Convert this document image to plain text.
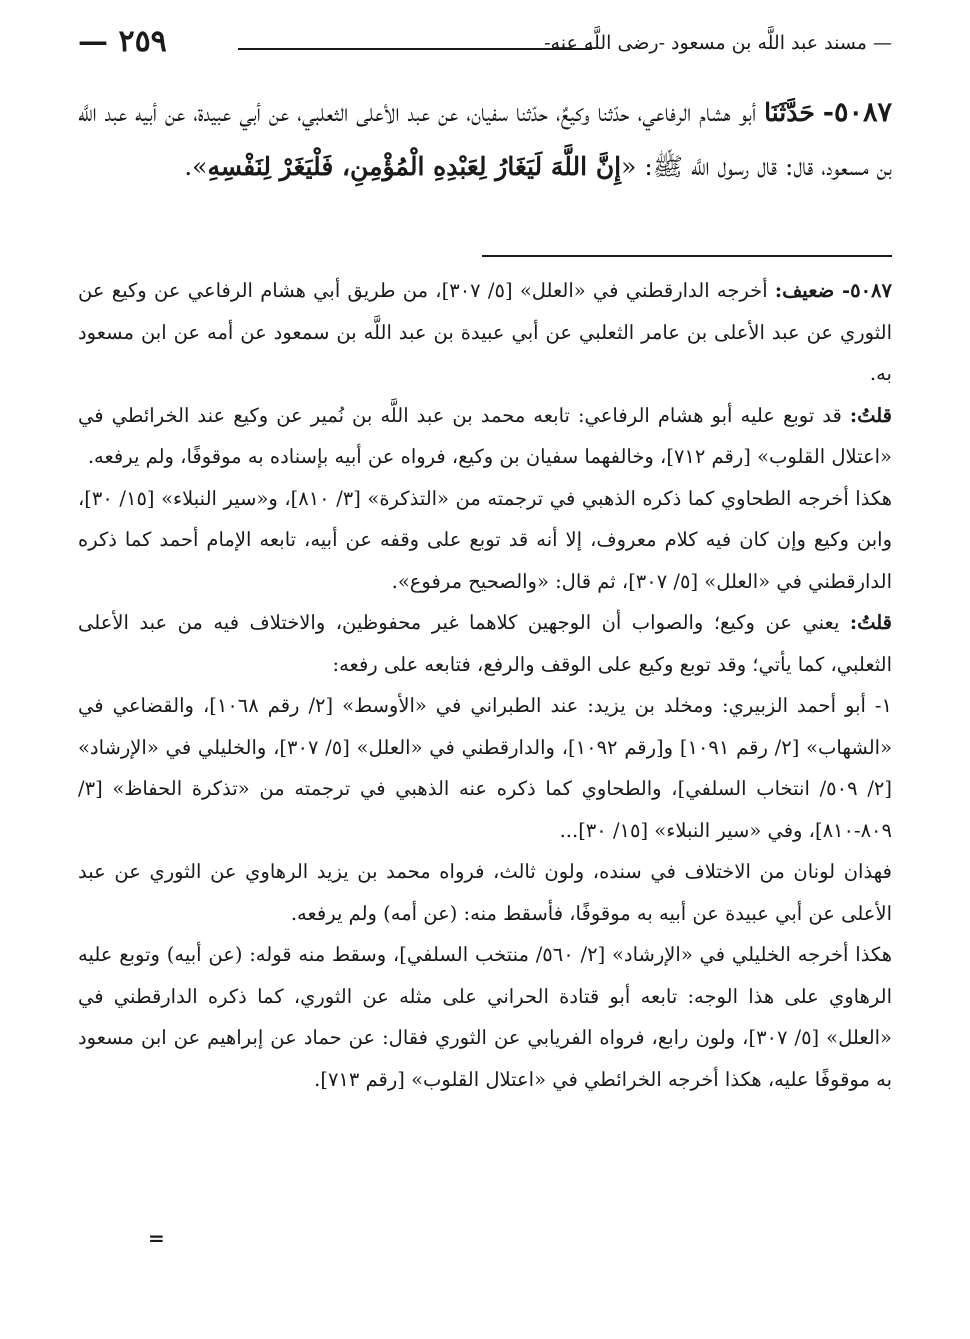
— ٢٥٩	— مسند عبد اللَّه بن مسعود -رضى اللَّه عنه-
٥٠٨٧- حَدَّثَنَا أبو هشام الرفاعي، حدّثنا وكيعٌ، حدّثنا سفيان، عن عبد الأعلى الثعلبي، عن أبي عبيدة، عن أبيه عبد اللَّه بن مسعود، قال: قال رسول اللَّه ﷺ: «إِنَّ اللَّهَ لَيَغَارُ لِعَبْدِهِ الْمُؤْمِنِ، فَلْيَغَرْ لِنَفْسِهِ».

٥٠٨٧- ضعيف: أخرجه الدارقطني في «العلل» [٥/ ٣٠٧]، من طريق أبي هشام الرفاعي عن وكيع عن الثوري عن عبد الأعلى بن عامر الثعلبي عن أبي عبيدة بن عبد اللَّه بن سمعود عن أمه عن ابن مسعود به.

قلتُ: قد توبع عليه أبو هشام الرفاعي: تابعه محمد بن عبد اللَّه بن نُمير عن وكيع عند الخرائطي في «اعتلال القلوب» [رقم ٧١٢]، وخالفهما سفيان بن وكيع، فرواه عن أبيه بإسناده به موقوفًا، ولم يرفعه.

هكذا أخرجه الطحاوي كما ذكره الذهبي في ترجمته من «التذكرة» [٣/ ٨١٠]، و«سير النبلاء» [١٥/ ٣٠]، وابن وكيع وإن كان فيه كلام معروف، إلا أنه قد توبع على وقفه عن أبيه، تابعه الإمام أحمد كما ذكره الدارقطني في «العلل» [٥/ ٣٠٧]، ثم قال: «والصحيح مرفوع».

قلتُ: يعني عن وكيع؛ والصواب أن الوجهين كلاهما غير محفوظين، والاختلاف فيه من عبد الأعلى الثعلبي، كما يأتي؛ وقد توبع وكيع على الوقف والرفع، فتابعه على رفعه:

١- أبو أحمد الزبيري: ومخلد بن يزيد: عند الطبراني في «الأوسط» [٢/ رقم ١٠٦٨]، والقضاعي في «الشهاب» [٢/ رقم ١٠٩١] و[رقم ١٠٩٢]، والدارقطني في «العلل» [٥/ ٣٠٧]، والخليلي في «الإرشاد» [٢/ ٥٠٩/ انتخاب السلفي]، والطحاوي كما ذكره عنه الذهبي في ترجمته من «تذكرة الحفاظ» [٣/ ٨٠٩-٨١٠]، وفي «سير النبلاء» [١٥/ ٣٠]...

فهذان لونان من الاختلاف في سنده، ولون ثالث، فرواه محمد بن يزيد الرهاوي عن الثوري عن عبد الأعلى عن أبي عبيدة عن أبيه به موقوفًا، فأسقط منه: (عن أمه) ولم يرفعه.

هكذا أخرجه الخليلي في «الإرشاد» [٢/ ٥٦٠/ منتخب السلفي]، وسقط منه قوله: (عن أبيه) وتوبع عليه الرهاوي على هذا الوجه: تابعه أبو قتادة الحراني على مثله عن الثوري، كما ذكره الدارقطني في «العلل» [٥/ ٣٠٧]، ولون رابع، فرواه الفريابي عن الثوري فقال: عن حماد عن إبراهيم عن ابن مسعود به موقوفًا عليه، هكذا أخرجه الخرائطي في «اعتلال القلوب» [رقم ٧١٣].

=
